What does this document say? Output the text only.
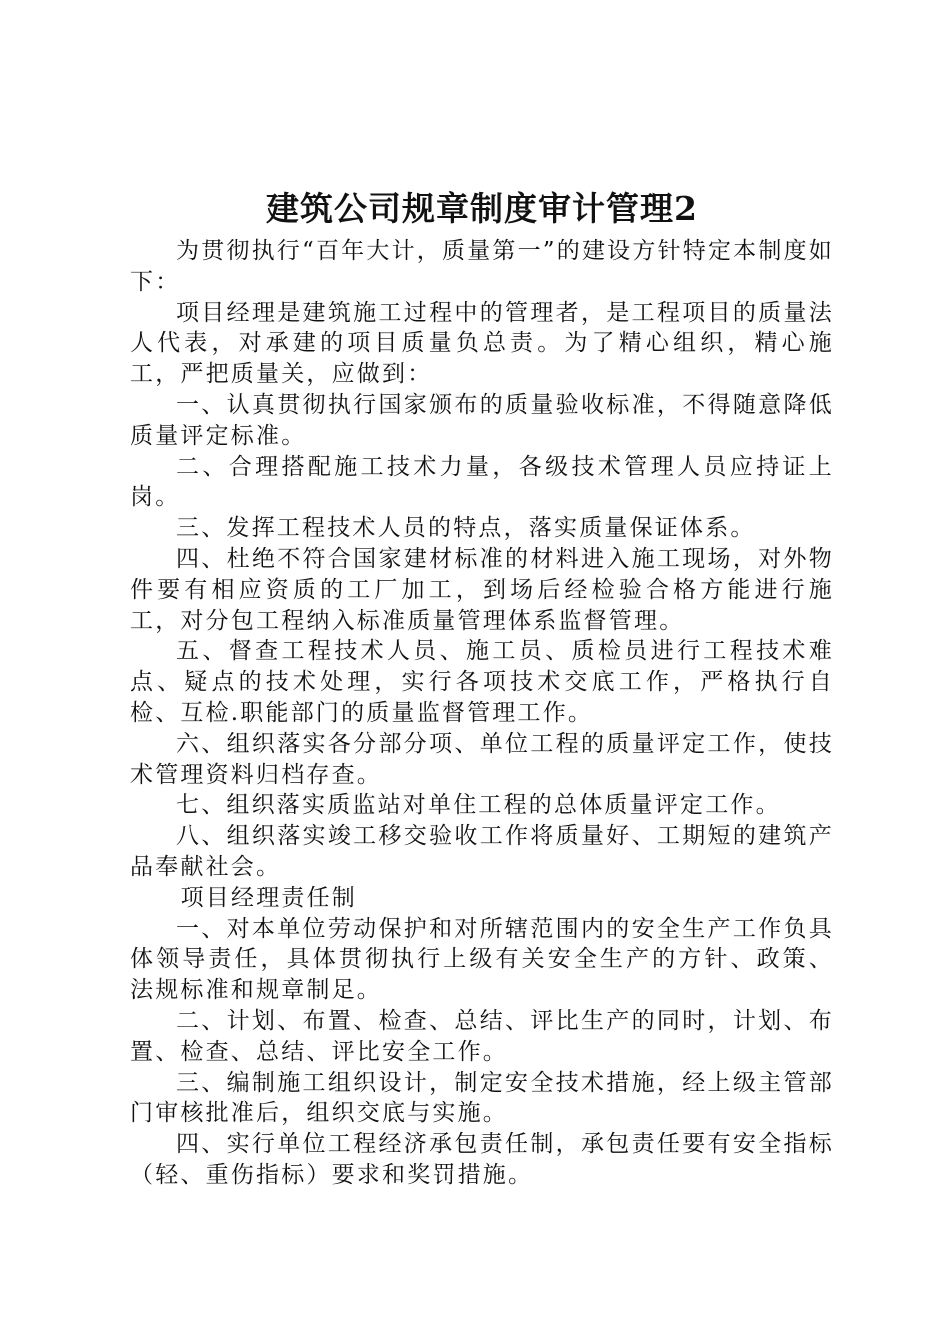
建筑公司规章制度审计管理2

为贯彻执行“百年大计，质量第一”的建设方针特定本制度如下：

项目经理是建筑施工过程中的管理者，是工程项目的质量法人代表，对承建的项目质量负总责。为了精心组织，精心施工，严把质量关，应做到：

一、认真贯彻执行国家颁布的质量验收标准，不得随意降低质量评定标准。

二、合理搭配施工技术力量，各级技术管理人员应持证上岗。

三、发挥工程技术人员的特点，落实质量保证体系。

四、杜绝不符合国家建材标准的材料进入施工现场，对外物件要有相应资质的工厂加工，到场后经检验合格方能进行施工，对分包工程纳入标准质量管理体系监督管理。

五、督查工程技术人员、施工员、质检员进行工程技术难点、疑点的技术处理，实行各项技术交底工作，严格执行自检、互检.职能部门的质量监督管理工作。

六、组织落实各分部分项、单位工程的质量评定工作，使技术管理资料归档存查。

七、组织落实质监站对单住工程的总体质量评定工作。

八、组织落实竣工移交验收工作将质量好、工期短的建筑产品奉献社会。

项目经理责任制

一、对本单位劳动保护和对所辖范围内的安全生产工作负具体领导责任，具体贯彻执行上级有关安全生产的方针、政策、法规标准和规章制足。

二、计划、布置、检查、总结、评比生产的同时，计划、布置、检查、总结、评比安全工作。

三、编制施工组织设计，制定安全技术措施，经上级主管部门审核批准后，组织交底与实施。

四、实行单位工程经济承包责任制，承包责任要有安全指标（轻、重伤指标）要求和奖罚措施。
